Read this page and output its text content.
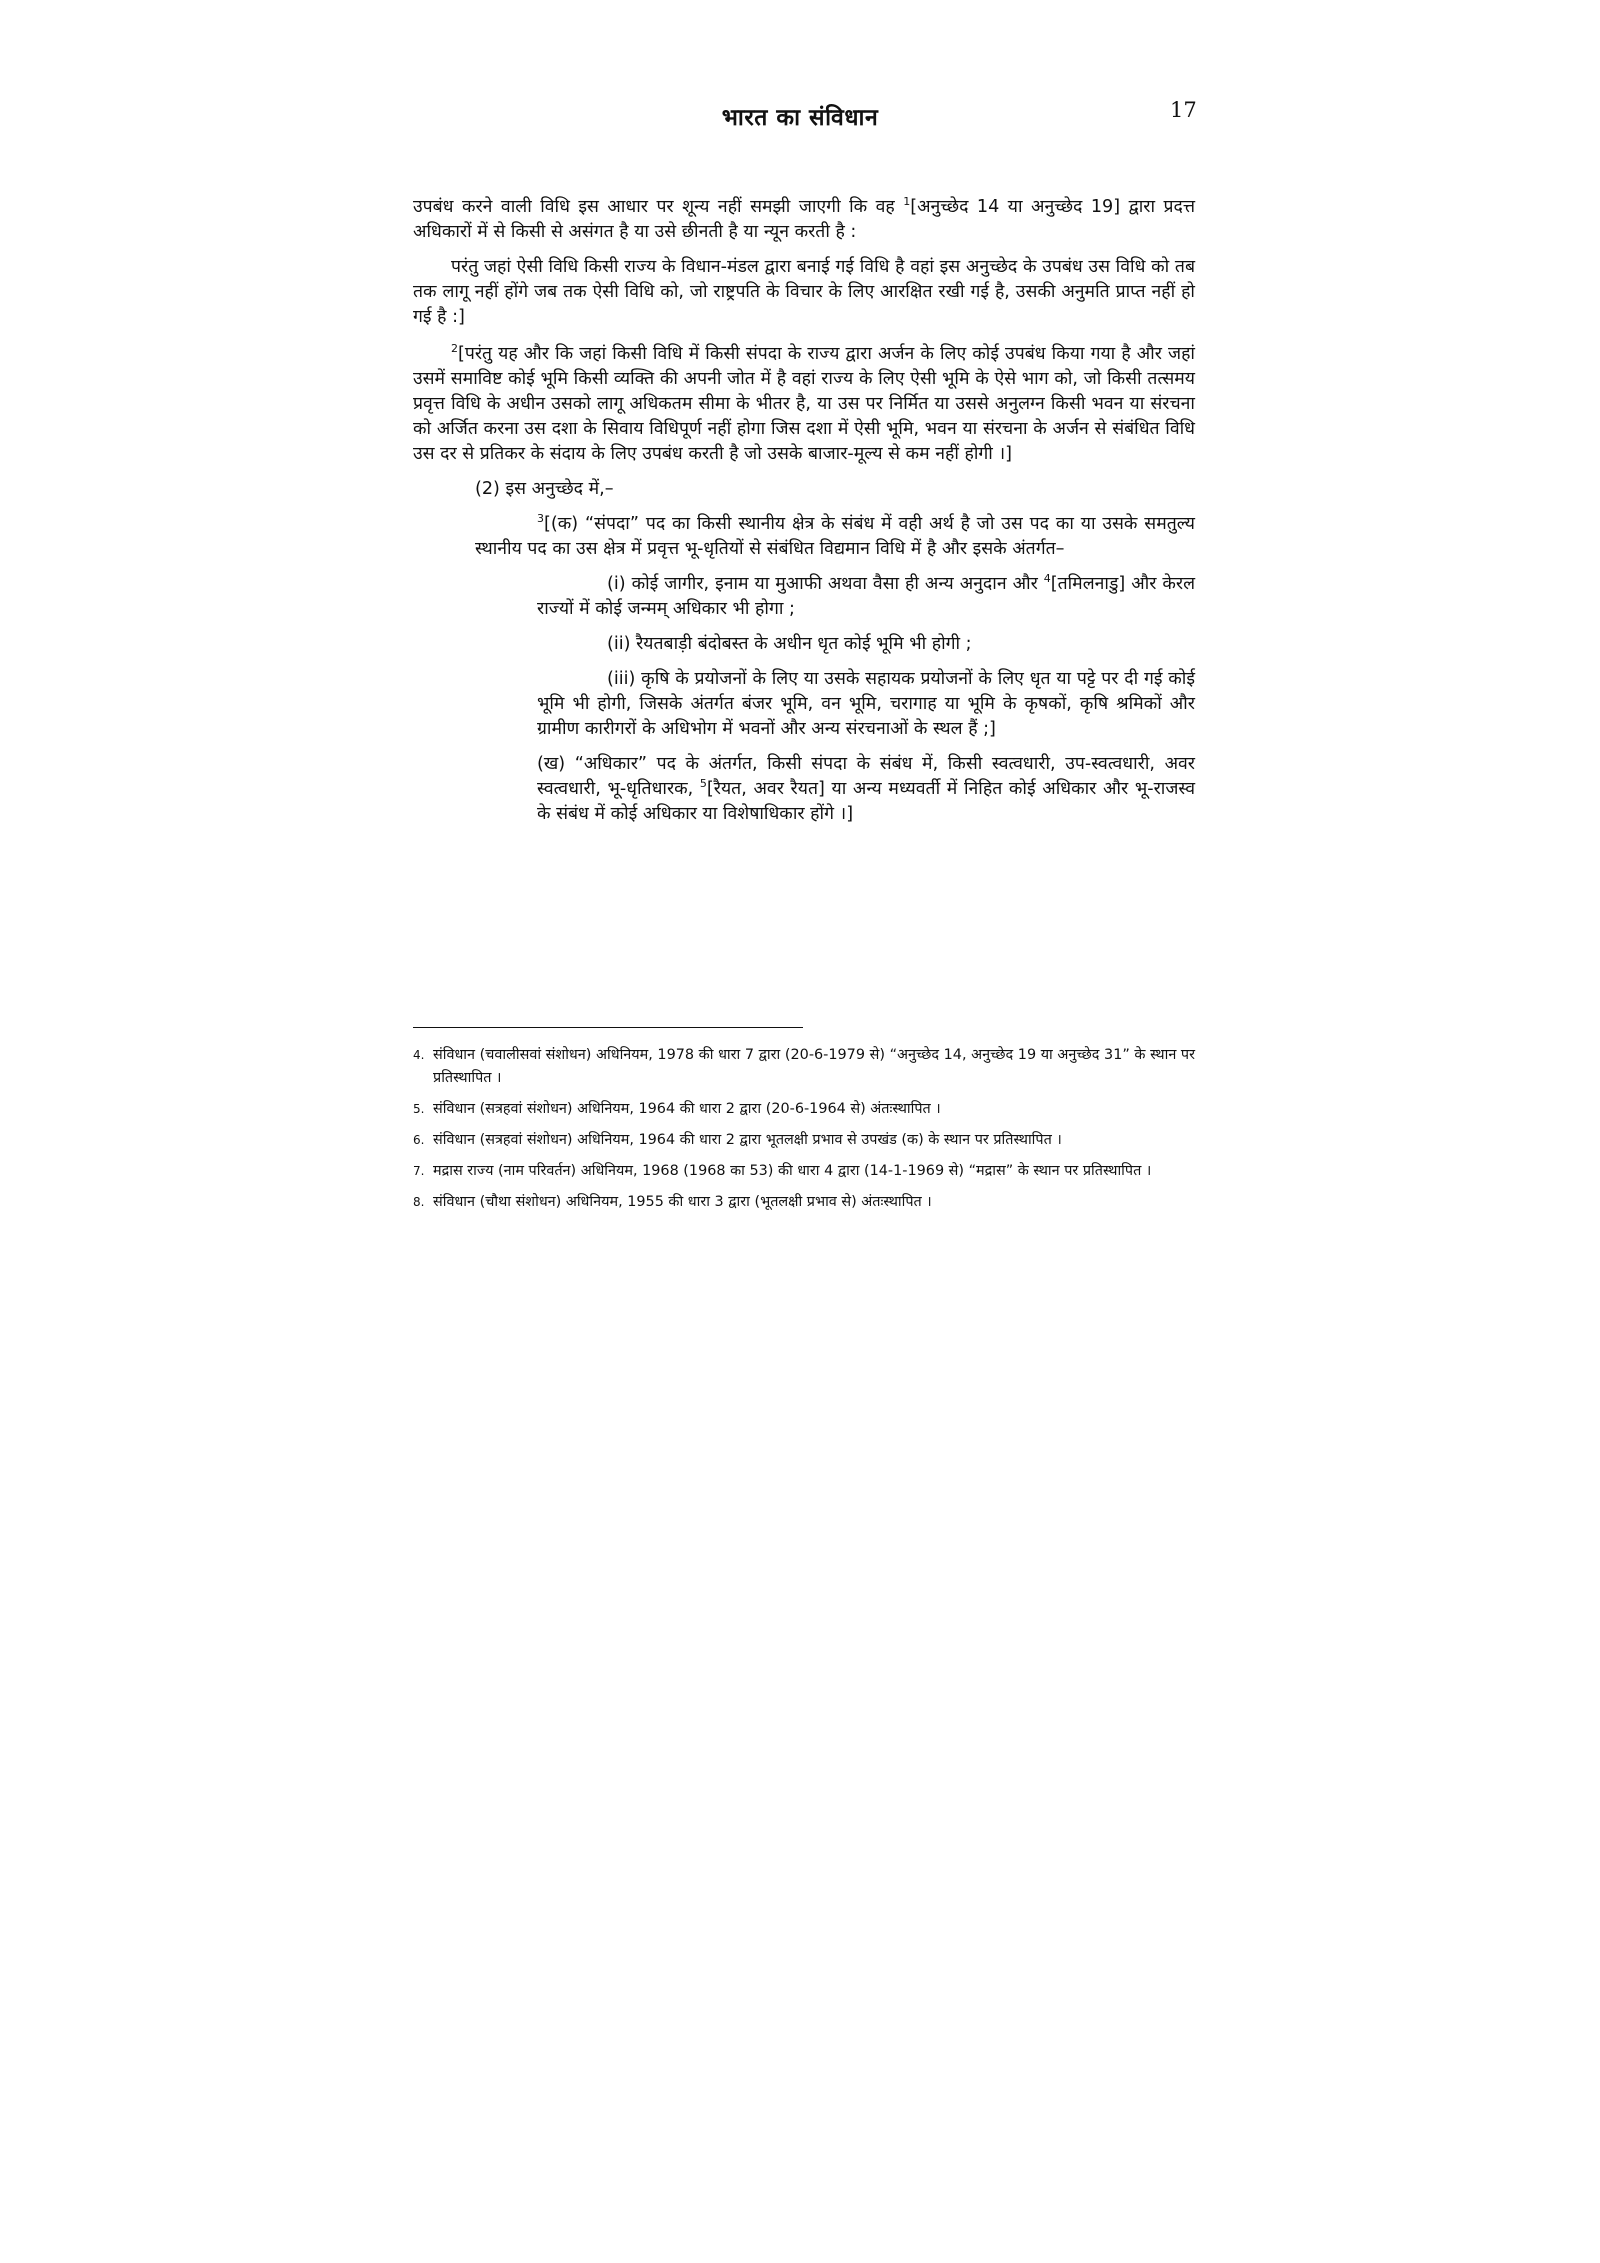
भारत का संविधान	17

उपबंध करने वाली विधि इस आधार पर शून्य नहीं समझी जाएगी कि वह $^1$[अनुच्छेद 14 या अनुच्छेद 19] द्वारा प्रदत्त अधिकारों में से किसी से असंगत है या उसे छीनती है या न्यून करती है :

परंतु जहां ऐसी विधि किसी राज्य के विधान-मंडल द्वारा बनाई गई विधि है वहां इस अनुच्छेद के उपबंध उस विधि को तब तक लागू नहीं होंगे जब तक ऐसी विधि को, जो राष्ट्रपति के विचार के लिए आरक्षित रखी गई है, उसकी अनुमति प्राप्त नहीं हो गई है :]

$^2$[परंतु यह और कि जहां किसी विधि में किसी संपदा के राज्य द्वारा अर्जन के लिए कोई उपबंध किया गया है और जहां उसमें समाविष्ट कोई भूमि किसी व्यक्ति की अपनी जोत में है वहां राज्य के लिए ऐसी भूमि के ऐसे भाग को, जो किसी तत्समय प्रवृत्त विधि के अधीन उसको लागू अधिकतम सीमा के भीतर है, या उस पर निर्मित या उससे अनुलग्न किसी भवन या संरचना को अर्जित करना उस दशा के सिवाय विधिपूर्ण नहीं होगा जिस दशा में ऐसी भूमि, भवन या संरचना के अर्जन से संबंधित विधि उस दर से प्रतिकर के संदाय के लिए उपबंध करती है जो उसके बाजार-मूल्य से कम नहीं होगी ।]

(2) इस अनुच्छेद में,–

$^3$[(क) “संपदा” पद का किसी स्थानीय क्षेत्र के संबंध में वही अर्थ है जो उस पद का या उसके समतुल्य स्थानीय पद का उस क्षेत्र में प्रवृत्त भू-धृतियों से संबंधित विद्यमान विधि में है और इसके अंतर्गत–

(i) कोई जागीर, इनाम या मुआफी अथवा वैसा ही अन्य अनुदान और $^4$[तमिलनाडु] और केरल राज्यों में कोई जन्मम् अधिकार भी होगा ;

(ii) रैयतबाड़ी बंदोबस्त के अधीन धृत कोई भूमि भी होगी ;

(iii) कृषि के प्रयोजनों के लिए या उसके सहायक प्रयोजनों के लिए धृत या पट्टे पर दी गई कोई भूमि भी होगी, जिसके अंतर्गत बंजर भूमि, वन भूमि, चरागाह या भूमि के कृषकों, कृषि श्रमिकों और ग्रामीण कारीगरों के अधिभोग में भवनों और अन्य संरचनाओं के स्थल हैं ;]

(ख) “अधिकार” पद के अंतर्गत, किसी संपदा के संबंध में, किसी स्वत्वधारी, उप-स्वत्वधारी, अवर स्वत्वधारी, भू-धृतिधारक, $^5$[रैयत, अवर रैयत] या अन्य मध्यवर्ती में निहित कोई अधिकार और भू-राजस्व के संबंध में कोई अधिकार या विशेषाधिकार होंगे ।]

4. संविधान (चवालीसवां संशोधन) अधिनियम, 1978 की धारा 7 द्वारा (20-6-1979 से) “अनुच्छेद 14, अनुच्छेद 19 या अनुच्छेद 31” के स्थान पर प्रतिस्थापित ।
5. संविधान (सत्रहवां संशोधन) अधिनियम, 1964 की धारा 2 द्वारा (20-6-1964 से) अंतःस्थापित ।
6. संविधान (सत्रहवां संशोधन) अधिनियम, 1964 की धारा 2 द्वारा भूतलक्षी प्रभाव से उपखंड (क) के स्थान पर प्रतिस्थापित ।
7. मद्रास राज्य (नाम परिवर्तन) अधिनियम, 1968 (1968 का 53) की धारा 4 द्वारा (14-1-1969 से) “मद्रास” के स्थान पर प्रतिस्थापित ।
8. संविधान (चौथा संशोधन) अधिनियम, 1955 की धारा 3 द्वारा (भूतलक्षी प्रभाव से) अंतःस्थापित ।
